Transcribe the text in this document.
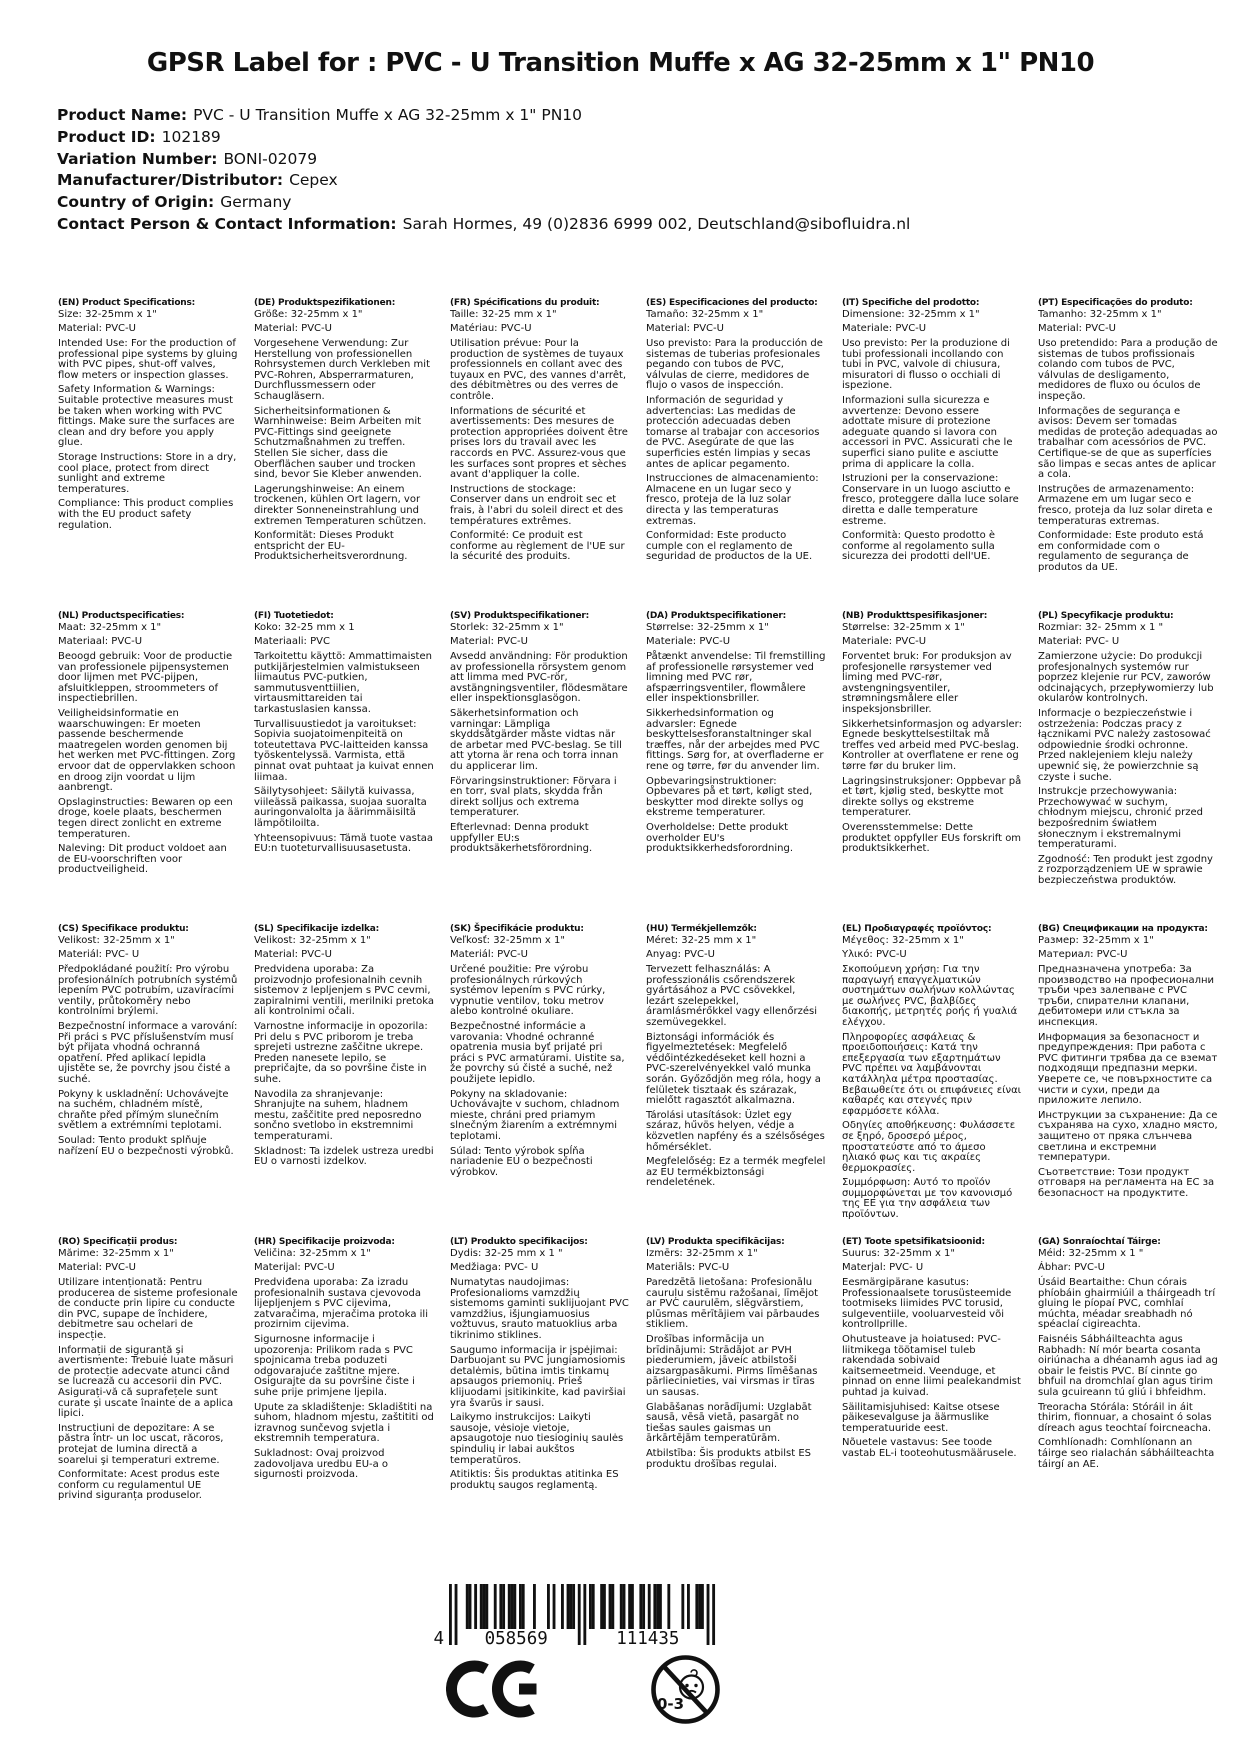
GPSR Label for : PVC - U Transition Muffe x AG 32-25mm x 1" PN10
Product Name: PVC - U Transition Muffe x AG 32-25mm x 1" PN10
Product ID: 102189
Variation Number: BONI-02079
Manufacturer/Distributor: Cepex
Country of Origin: Germany
Contact Person & Contact Information: Sarah Hormes, 49 (0)2836 6999 002, Deutschland@sibofluidra.nl
(EN) Product Specifications:

Size: 32-25mm x 1"

Material: PVC-U

Intended Use: For the production of professional pipe systems by gluing with PVC pipes, shut-off valves, flow meters or inspection glasses.

Safety Information & Warnings: Suitable protective measures must be taken when working with PVC fittings. Make sure the surfaces are clean and dry before you apply glue.

Storage Instructions: Store in a dry, cool place, protect from direct sunlight and extreme temperatures.

Compliance: This product complies with the EU product safety regulation.

(DE) Produktspezifikationen:

Größe: 32-25mm x 1"

Material: PVC-U

Vorgesehene Verwendung: Zur Herstellung von professionellen Rohrsystemen durch Verkleben mit PVC-Rohren, Absperrarmaturen, Durchflussmessern oder Schaugläsern.

Sicherheitsinformationen & Warnhinweise: Beim Arbeiten mit PVC-Fittings sind geeignete Schutzmaßnahmen zu treffen. Stellen Sie sicher, dass die Oberflächen sauber und trocken sind, bevor Sie Kleber anwenden.

Lagerungshinweise: An einem trockenen, kühlen Ort lagern, vor direkter Sonneneinstrahlung und extremen Temperaturen schützen.

Konformität: Dieses Produkt entspricht der EU-Produktsicherheitsverordnung.

(FR) Spécifications du produit:

Taille: 32-25 mm x 1"

Matériau: PVC-U

Utilisation prévue: Pour la production de systèmes de tuyaux professionnels en collant avec des tuyaux en PVC, des vannes d'arrêt, des débitmètres ou des verres de contrôle.

Informations de sécurité et avertissements: Des mesures de protection appropriées doivent être prises lors du travail avec les raccords en PVC. Assurez-vous que les surfaces sont propres et sèches avant d'appliquer la colle.

Instructions de stockage: Conserver dans un endroit sec et frais, à l'abri du soleil direct et des températures extrêmes.

Conformité: Ce produit est conforme au règlement de l'UE sur la sécurité des produits.

(ES) Especificaciones del producto:

Tamaño: 32-25mm x 1"

Material: PVC-U

Uso previsto: Para la producción de sistemas de tuberias profesionales pegando con tubos de PVC, válvulas de cierre, medidores de flujo o vasos de inspección.

Información de seguridad y advertencias: Las medidas de protección adecuadas deben tomarse al trabajar con accesorios de PVC. Asegúrate de que las superficies estén limpias y secas antes de aplicar pegamento.

Instrucciones de almacenamiento: Almacene en un lugar seco y fresco, proteja de la luz solar directa y las temperaturas extremas.

Conformidad: Este producto cumple con el reglamento de seguridad de productos de la UE.

(IT) Specifiche del prodotto:

Dimensione: 32-25mm x 1"

Materiale: PVC-U

Uso previsto: Per la produzione di tubi professionali incollando con tubi in PVC, valvole di chiusura, misuratori di flusso o occhiali di ispezione.

Informazioni sulla sicurezza e avvertenze: Devono essere adottate misure di protezione adeguate quando si lavora con accessori in PVC. Assicurati che le superfici siano pulite e asciutte prima di applicare la colla.

Istruzioni per la conservazione: Conservare in un luogo asciutto e fresco, proteggere dalla luce solare diretta e dalle temperature estreme.

Conformità: Questo prodotto è conforme al regolamento sulla sicurezza dei prodotti dell'UE.

(PT) Especificações do produto:

Tamanho: 32-25mm x 1"

Material: PVC-U

Uso pretendido: Para a produção de sistemas de tubos profissionais colando com tubos de PVC, válvulas de desligamento, medidores de fluxo ou óculos de inspeção.

Informações de segurança e avisos: Devem ser tomadas medidas de proteção adequadas ao trabalhar com acessórios de PVC. Certifique-se de que as superfícies são limpas e secas antes de aplicar a cola.

Instruções de armazenamento: Armazene em um lugar seco e fresco, proteja da luz solar direta e temperaturas extremas.

Conformidade: Este produto está em conformidade com o regulamento de segurança de produtos da UE.

(NL) Productspecificaties:

Maat: 32-25mm x 1"

Materiaal: PVC-U

Beoogd gebruik: Voor de productie van professionele pijpensystemen door lijmen met PVC-pijpen, afsluitkleppen, stroommeters of inspectiebrillen.

Veiligheidsinformatie en waarschuwingen: Er moeten passende beschermende maatregelen worden genomen bij het werken met PVC-fittingen. Zorg ervoor dat de oppervlakken schoon en droog zijn voordat u lijm aanbrengt.

Opslaginstructies: Bewaren op een droge, koele plaats, beschermen tegen direct zonlicht en extreme temperaturen.

Naleving: Dit product voldoet aan de EU-voorschriften voor productveiligheid.

(FI) Tuotetiedot:

Koko: 32-25 mm x 1

Materiaali: PVC

Tarkoitettu käyttö: Ammattimaisten putkijärjestelmien valmistukseen liimautus PVC-putkien, sammutusventtiilien, virtausmittareiden tai tarkastuslasien kanssa.

Turvallisuustiedot ja varoitukset: Sopivia suojatoimenpiteitä on toteutettava PVC-laitteiden kanssa työskentelyssä. Varmista, että pinnat ovat puhtaat ja kuivat ennen liimaa.

Säilytysohjeet: Säilytä kuivassa, viileässä paikassa, suojaa suoralta auringonvalolta ja äärimmäisiltä lämpötiloilta.

Yhteensopivuus: Tämä tuote vastaa EU:n tuoteturvallisuusasetusta.

(SV) Produktspecifikationer:

Storlek: 32-25mm x 1"

Material: PVC-U

Avsedd användning: För produktion av professionella rörsystem genom att limma med PVC-rör, avstängningsventiler, flödesmätare eller inspektionsglasögon.

Säkerhetsinformation och varningar: Lämpliga skyddsåtgärder måste vidtas när de arbetar med PVC-beslag. Se till att ytorna är rena och torra innan du applicerar lim.

Förvaringsinstruktioner: Förvara i en torr, sval plats, skydda från direkt solljus och extrema temperaturer.

Efterlevnad: Denna produkt uppfyller EU:s produktsäkerhetsförordning.

(DA) Produktspecifikationer:

Størrelse: 32-25mm x 1"

Materiale: PVC-U

Påtænkt anvendelse: Til fremstilling af professionelle rørsystemer ved limning med PVC rør, afspærringsventiler, flowmålere eller inspektionsbriller.

Sikkerhedsinformation og advarsler: Egnede beskyttelsesforanstaltninger skal træffes, når der arbejdes med PVC fittings. Sørg for, at overfladerne er rene og tørre, før du anvender lim.

Opbevaringsinstruktioner: Opbevares på et tørt, køligt sted, beskytter mod direkte sollys og ekstreme temperaturer.

Overholdelse: Dette produkt overholder EU's produktsikkerhedsforordning.

(NB) Produkttspesifikasjoner:

Størrelse: 32-25mm x 1"

Materiale: PVC-U

Forventet bruk: For produksjon av profesjonelle rørsystemer ved liming med PVC-rør, avstengningsventiler, strømningsmålere eller inspeksjonsbriller.

Sikkerhetsinformasjon og advarsler: Egnede beskyttelsestiltak må treffes ved arbeid med PVC-beslag. Kontroller at overflatene er rene og tørre før du bruker lim.

Lagringsinstruksjoner: Oppbevar på et tørt, kjølig sted, beskytte mot direkte sollys og ekstreme temperaturer.

Overensstemmelse: Dette produktet oppfyller EUs forskrift om produktsikkerhet.

(PL) Specyfikacje produktu:

Rozmiar: 32- 25mm x 1 "

Materiał: PVC- U

Zamierzone użycie: Do produkcji profesjonalnych systemów rur poprzez klejenie rur PCV, zaworów odcinających, przepływomierzy lub okularów kontrolnych.

Informacje o bezpieczeństwie i ostrzeżenia: Podczas pracy z łącznikami PVC należy zastosować odpowiednie środki ochronne. Przed naklejeniem kleju należy upewnić się, że powierzchnie są czyste i suche.

Instrukcje przechowywania: Przechowywać w suchym, chłodnym miejscu, chronić przed bezpośrednim światłem słonecznym i ekstremalnymi temperaturami.

Zgodność: Ten produkt jest zgodny z rozporządzeniem UE w sprawie bezpieczeństwa produktów.

(CS) Specifikace produktu:

Velikost: 32-25mm x 1"

Materiál: PVC- U

Předpokládané použití: Pro výrobu profesionálních potrubních systémů lepením PVC potrubím, uzavíracími ventily, průtokoměry nebo kontrolními brýlemi.

Bezpečnostní informace a varování: Při práci s PVC příslušenstvím musí být přijata vhodná ochranná opatření. Před aplikací lepidla ujistěte se, že povrchy jsou čisté a suché.

Pokyny k uskladnění: Uchovávejte na suchém, chladném místě, chraňte před přímým slunečním světlem a extrémními teplotami.

Soulad: Tento produkt splňuje nařízení EU o bezpečnosti výrobků.

(SL) Specifikacije izdelka:

Velikost: 32-25mm x 1"

Material: PVC-U

Predvidena uporaba: Za proizvodnjo profesionalnih cevnih sistemov z lepljenjem s PVC cevmi, zapiralnimi ventili, merilniki pretoka ali kontrolnimi očali.

Varnostne informacije in opozorila: Pri delu s PVC priborom je treba sprejeti ustrezne zaščitne ukrepe. Preden nanesete lepilo, se prepričajte, da so površine čiste in suhe.

Navodila za shranjevanje: Shranjujte na suhem, hladnem mestu, zaščitite pred neposredno sončno svetlobo in ekstremnimi temperaturami.

Skladnost: Ta izdelek ustreza uredbi EU o varnosti izdelkov.

(SK) Špecifikácie produktu:

Veľkosť: 32-25mm x 1"

Materiál: PVC-U

Určené použitie: Pre výrobu profesionálnych rúrkových systémov lepením s PVC rúrky, vypnutie ventilov, toku metrov alebo kontrolné okuliare.

Bezpečnostné informácie a varovania: Vhodné ochranné opatrenia musia byť prijaté pri práci s PVC armatúrami. Uistite sa, že povrchy sú čisté a suché, než použijete lepidlo.

Pokyny na skladovanie: Uchovávajte v suchom, chladnom mieste, chráni pred priamym slnečným žiarením a extrémnymi teplotami.

Súlad: Tento výrobok spĺňa nariadenie EÚ o bezpečnosti výrobkov.

(HU) Termékjellemzők:

Méret: 32-25 mm x 1"

Anyag: PVC-U

Tervezett felhasználás: A professzionális csőrendszerek gyártásához a PVC csövekkel, lezárt szelepekkel, áramlásmérőkkel vagy ellenőrzési szemüvegekkel.

Biztonsági információk és figyelmeztetések: Megfelelő védőintézkedéseket kell hozni a PVC-szerelvényekkel való munka során. Győződjön meg róla, hogy a felületek tisztaak és szárazak, mielőtt ragasztót alkalmazna.

Tárolási utasítások: Üzlet egy száraz, hűvös helyen, védje a közvetlen napfény és a szélsőséges hőmérséklet.

Megfelelőség: Ez a termék megfelel az EU termékbiztonsági rendeletének.

(EL) Προδιαγραφές προϊόντος:

Μέγεθος: 32-25mm x 1"

Υλικό: PVC-U

Σκοπούμενη χρήση: Για την παραγωγή επαγγελματικών συστημάτων σωλήνων κολλώντας με σωλήνες PVC, βαλβίδες διακοπής, μετρητές ροής ή γυαλιά ελέγχου.

Πληροφορίες ασφάλειας & προειδοποιήσεις: Κατά την επεξεργασία των εξαρτημάτων PVC πρέπει να λαμβάνονται κατάλληλα μέτρα προστασίας. Βεβαιωθείτε ότι οι επιφάνειες είναι καθαρές και στεγνές πριν εφαρμόσετε κόλλα.

Οδηγίες αποθήκευσης: Φυλάσσετε σε ξηρό, δροσερό μέρος, προστατεύστε από το άμεσο ηλιακό φως και τις ακραίες θερμοκρασίες.

Συμμόρφωση: Αυτό το προϊόν συμμορφώνεται με τον κανονισμό της ΕΕ για την ασφάλεια των προϊόντων.

(BG) Спецификации на продукта:

Размер: 32-25mm x 1"

Материал: PVC-U

Предназначена употреба: За производство на професионални тръби чрез залепване с PVC тръби, спирателни клапани, дебитомери или стъкла за инспекция.

Информация за безопасност и предупреждения: При работа с PVC фитинги трябва да се вземат подходящи предпазни мерки. Уверете се, че повърхностите са чисти и сухи, преди да приложите лепило.

Инструкции за съхранение: Да се съхранява на сухо, хладно място, защитено от пряка слънчева светлина и екстремни температури.

Съответствие: Този продукт отговаря на регламента на ЕС за безопасност на продуктите.

(RO) Specificații produs:

Mărime: 32-25mm x 1"

Material: PVC-U

Utilizare intenționată: Pentru producerea de sisteme profesionale de conducte prin lipire cu conducte din PVC, supape de închidere, debitmetre sau ochelari de inspecție.

Informații de siguranță și avertismente: Trebuie luate măsuri de protecție adecvate atunci când se lucrează cu accesorii din PVC. Asigurați-vă că suprafețele sunt curate și uscate înainte de a aplica lipici.

Instrucțiuni de depozitare: A se păstra într- un loc uscat, răcoros, protejat de lumina directă a soarelui şi temperaturi extreme.

Conformitate: Acest produs este conform cu regulamentul UE privind siguranța produselor.

(HR) Specifikacije proizvoda:

Veličina: 32-25mm x 1"

Materijal: PVC-U

Predviđena uporaba: Za izradu profesionalnih sustava cjevovoda lijepljenjem s PVC cijevima, zatvaračima, mjeračima protoka ili prozirnim cijevima.

Sigurnosne informacije i upozorenja: Prilikom rada s PVC spojnicama treba poduzeti odgovarajuće zaštitne mjere. Osigurajte da su površine čiste i suhe prije primjene ljepila.

Upute za skladištenje: Skladištiti na suhom, hladnom mjestu, zaštititi od izravnog sunčevog svjetla i ekstremnih temperatura.

Sukladnost: Ovaj proizvod zadovoljava uredbu EU-a o sigurnosti proizvoda.

(LT) Produkto specifikacijos:

Dydis: 32-25 mm x 1 "

Medžiaga: PVC- U

Numatytas naudojimas: Profesionalioms vamzdžių sistemoms gaminti suklijuojant PVC vamzdžius, išjungiamuosius vožtuvus, srauto matuoklius arba tikrinimo stiklines.

Saugumo informacija ir įspėjimai: Darbuojant su PVC jungiamosiomis detalėmis, būtina imtis tinkamų apsaugos priemonių. Prieš klijuodami įsitikinkite, kad paviršiai yra švarūs ir sausi.

Laikymo instrukcijos: Laikyti sausoje, vėsioje vietoje, apsaugotoje nuo tiesioginių saulės spindulių ir labai aukštos temperatūros.

Atitiktis: Šis produktas atitinka ES produktų saugos reglamentą.

(LV) Produkta specifikācijas:

Izmērs: 32-25mm x 1"

Materiāls: PVC-U

Paredzētā lietošana: Profesionālu cauruļu sistēmu ražošanai, līmējot ar PVC caurulēm, slēgvārstiem, plūsmas mērītājiem vai pārbaudes stikliem.

Drošības informācija un brīdinājumi: Strādājot ar PVH piederumiem, jāveic atbilstoši aizsargpasākumi. Pirms līmēšanas pārliecinieties, vai virsmas ir tīras un sausas.

Glabāšanas norādījumi: Uzglabāt sausā, vēsā vietā, pasargāt no tiešas saules gaismas un ārkārtējām temperatūrām.

Atbilstība: Šis produkts atbilst ES produktu drošības regulai.

(ET) Toote spetsifikatsioonid:

Suurus: 32-25mm x 1"

Materjal: PVC- U

Eesmärgipärane kasutus: Professionaalsete torusüsteemide tootmiseks liimides PVC torusid, sulgeventiile, vooluarvesteid või kontrollprille.

Ohutusteave ja hoiatused: PVC-liitmikega töötamisel tuleb rakendada sobivaid kaitsemeetmeid. Veenduge, et pinnad on enne liimi pealekandmist puhtad ja kuivad.

Säilitamisjuhised: Kaitse otsese päikesevalguse ja äärmuslike temperatuuride eest.

Nõuetele vastavus: See toode vastab EL-i tooteohutusmäärusele.

(GA) Sonraíochtaí Táirge:

Méid: 32-25mm x 1 "

Ábhar: PVC-U

Úsáid Beartaithe: Chun córais phíobáin ghairmiúil a tháirgeadh trí gluing le píopaí PVC, comhlaí múchta, méadar sreabhadh nó spéaclaí cigireachta.

Faisnéis Sábháilteachta agus Rabhadh: Ní mór bearta cosanta oiriúnacha a dhéanamh agus iad ag obair le feistis PVC. Bí cinnte go bhfuil na dromchlaí glan agus tirim sula gcuireann tú gliú i bhfeidhm.

Treoracha Stórála: Stóráil in áit thirim, fionnuar, a chosaint ó solas díreach agus teochtaí foircneacha.

Comhlíonadh: Comhlíonann an táirge seo rialachán sábháilteachta táirgí an AE.

4 058569	111435
0-3
